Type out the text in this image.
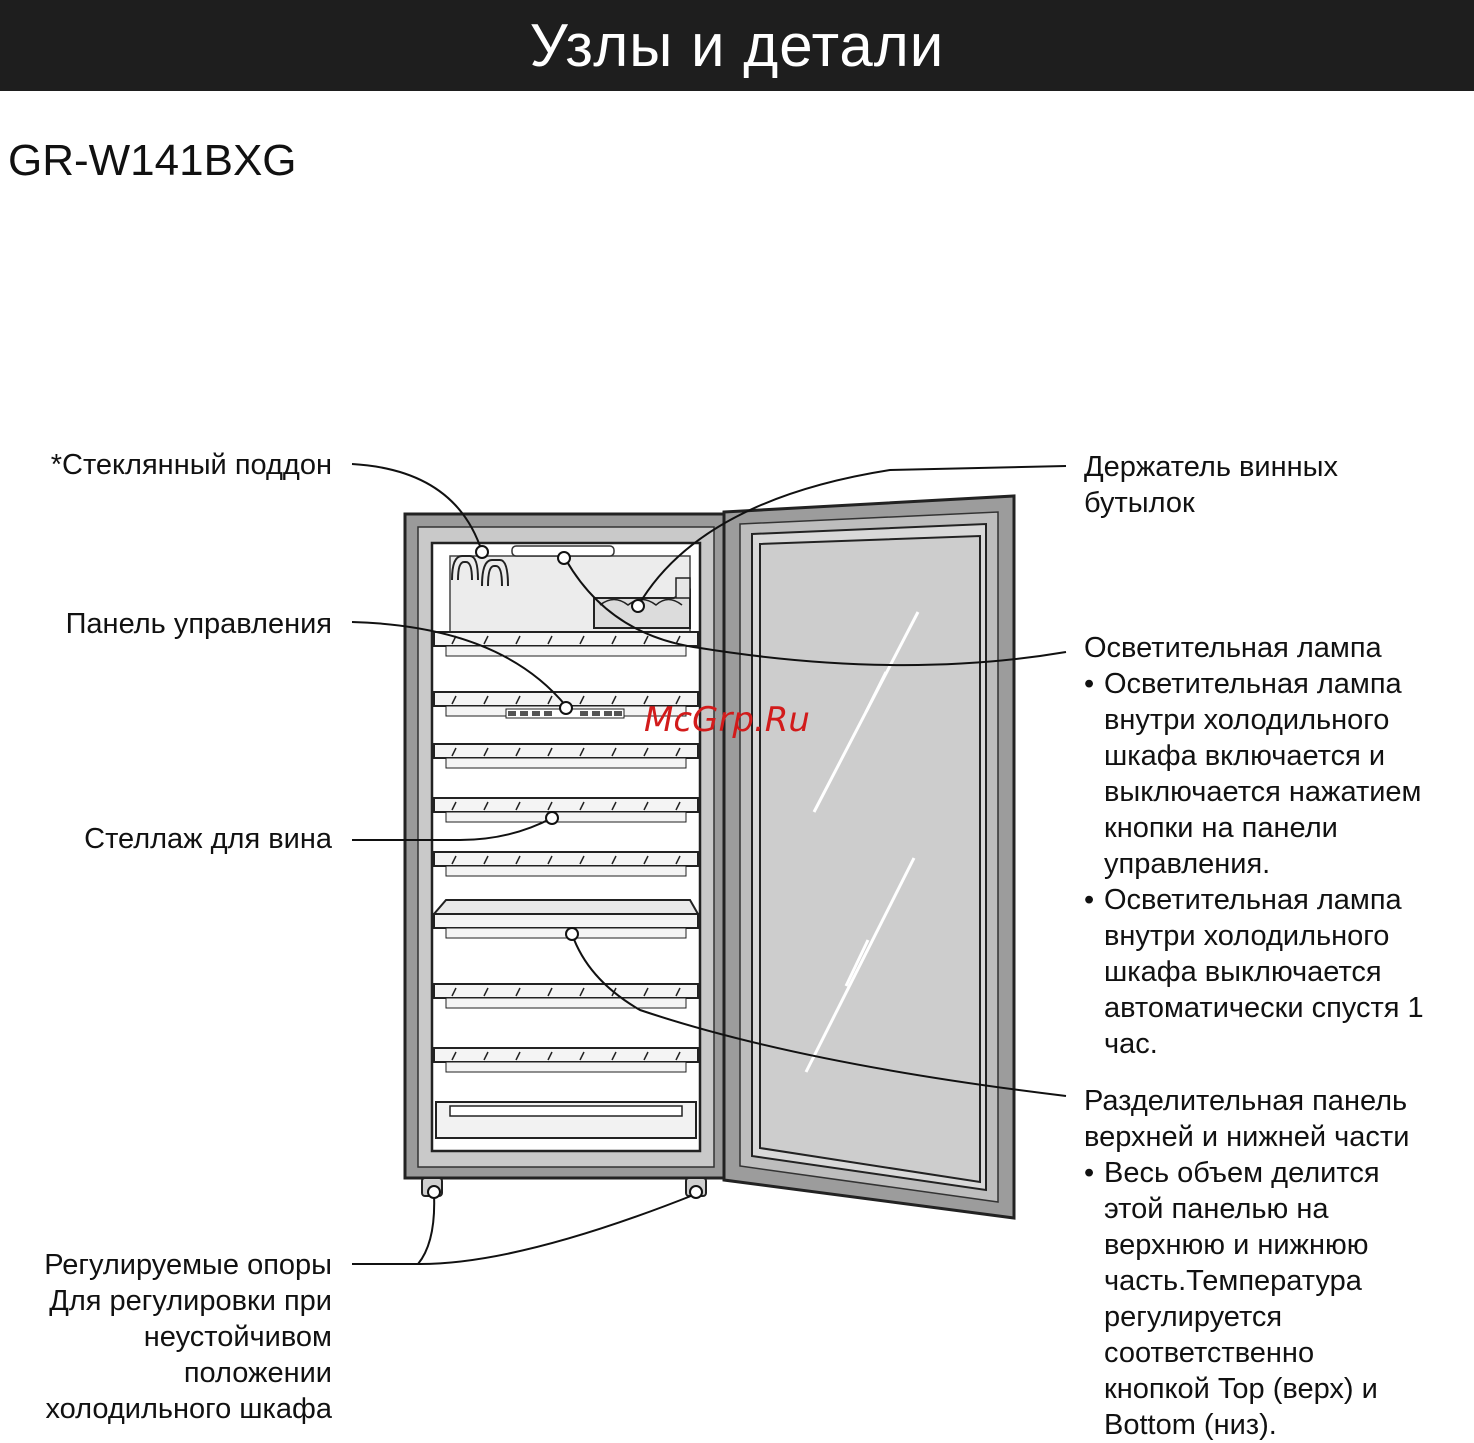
Узлы и детали
GR-W141BXG
McGrp.Ru
*Стеклянный поддон
Панель управления
Стеллаж для вина
Регулируемые опоры
Для регулировки при
неустойчивом
положении
холодильного шкафа
Держатель винных
бутылок
Осветительная лампа
• Осветительная лампа
внутри холодильного
шкафа включается и
выключается нажатием
кнопки на панели
управления.
• Осветительная лампа
внутри холодильного
шкафа выключается
автоматически спустя 1
час.
Разделительная панель
верхней и нижней части
• Весь объем делится
этой панелью на
верхнюю и нижнюю
часть.Температура
регулируется
соответственно
кнопкой Top (верх) и
Bottom (низ).
